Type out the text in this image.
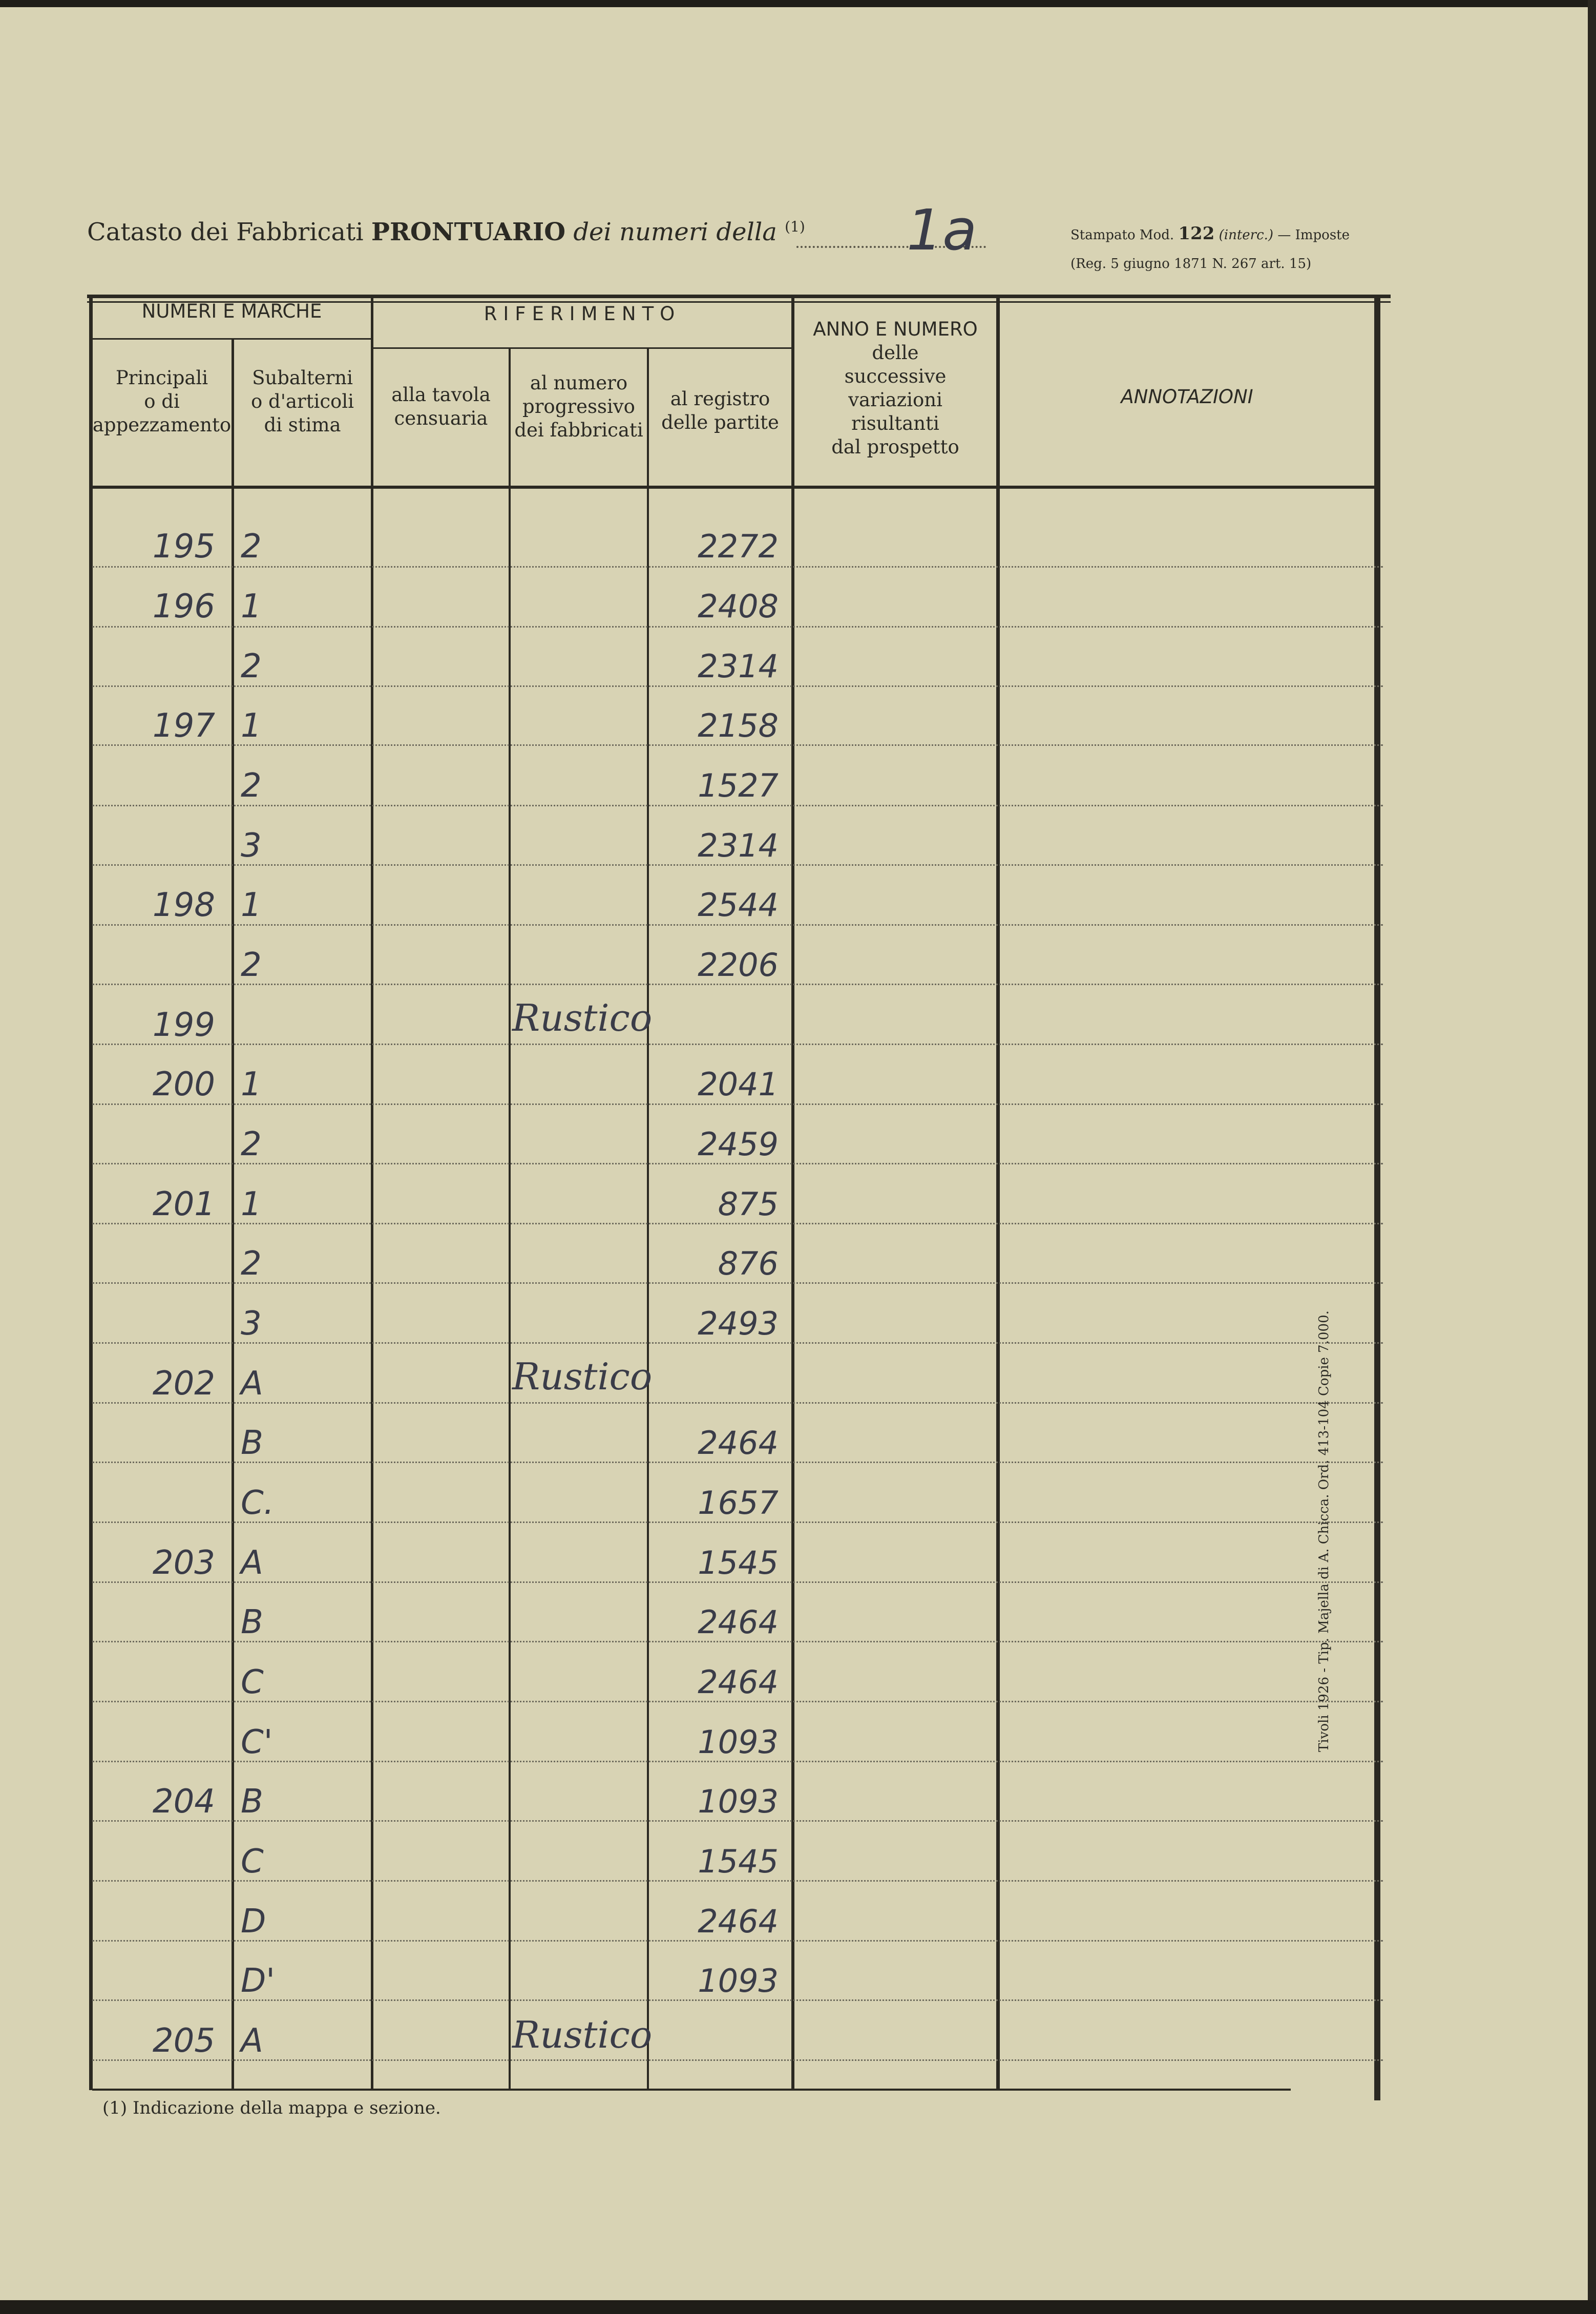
Catasto dei Fabbricati PRONTUARIO dei numeri della $^{(1)}$ 1a	Stampato Mod. 122 (interc.) — Imposte
(Reg. 5 giugno 1871 N. 267 art. 15)
NUMERI E MARCHE
Principali
o di
appezzamento
Subalterni
o d'articoli
di stima
RIFERIMENTO
alla tavola
censuaria
al numero
progressivo
dei fabbricati
al registro
delle partite
ANNO E NUMERO
delle
successive variazioni
risultanti
dal prospetto
ANNOTAZIONI
195 2	2272
196 1	2408
2	2314
197 1	2158
2	1527
3	2314
198 1	2544
2	2206
199	Rustico
200 1	2041
2	2459
201 1	875
2	876
3	2493
202 A	Rustico
B	2464
C.	1657
203 A	1545
B	2464
C	2464
C'	1093
204 B	1093
C	1545
D	2464
D'	1093
205 A	Rustico
(1) Indicazione della mappa e sezione.
Tivoli 1926 - Tip. Majella di A. Chicca. Ord. 413-104 Copie 7.000.
